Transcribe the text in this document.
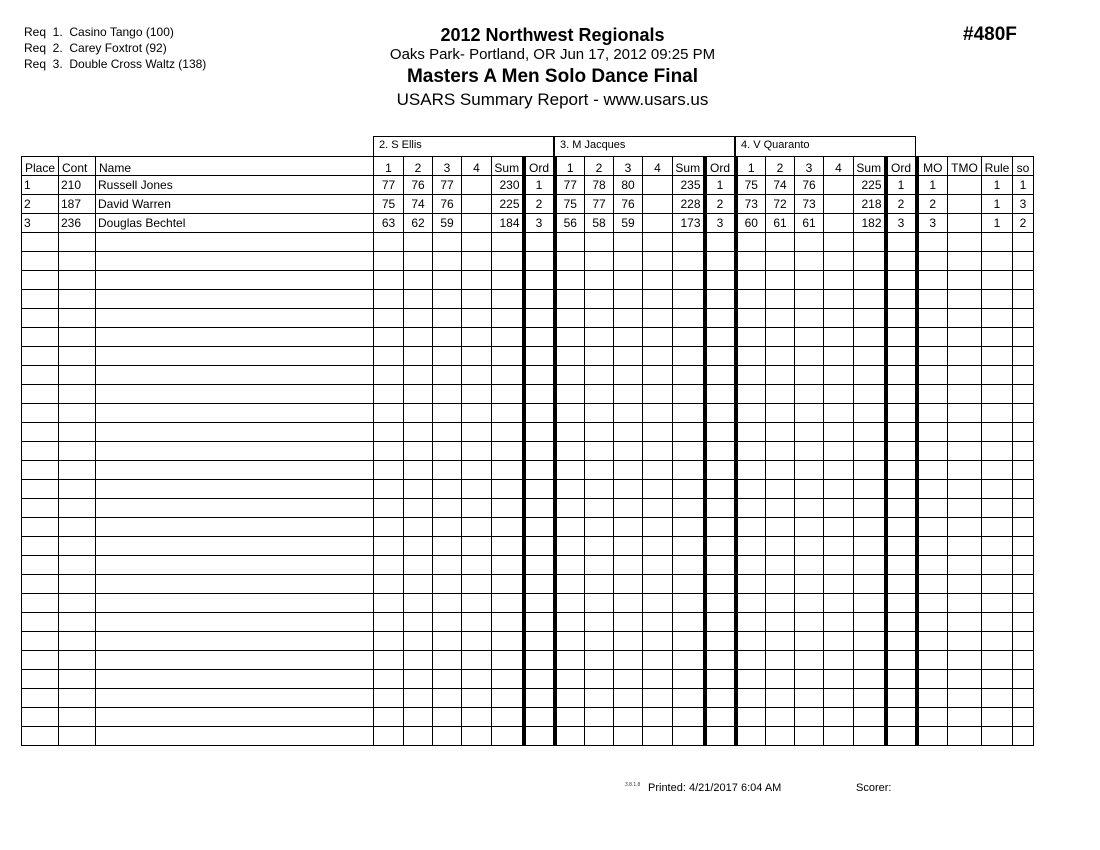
Req  1.  Casino Tango (100)
Req  2.  Carey Foxtrot (92)
Req  3.  Double Cross Waltz (138)
2012 Northwest Regionals
Oaks Park- Portland, OR Jun 17, 2012 09:25 PM
Masters A Men Solo Dance Final
USARS Summary Report - www.usars.us
#480F
2. S Ellis	3. M Jacques	4. V Quaranto
Place	Cont	Name	1	2	3	4	Sum	Ord	1	2	3	4	Sum	Ord	1	2	3	4	Sum	Ord	MO	TMO	Rule	so
1	210	Russell Jones	77	76	77		230	1	77	78	80		235	1	75	74	76		225	1	1		1	1
2	187	David Warren	75	74	76		225	2	75	77	76		228	2	73	72	73		218	2	2		1	3
3	236	Douglas Bechtel	63	62	59		184	3	56	58	59		173	3	60	61	61		182	3	3		1	2

3.8.1.8 Printed: 4/21/2017 6:04 AM	Scorer:
